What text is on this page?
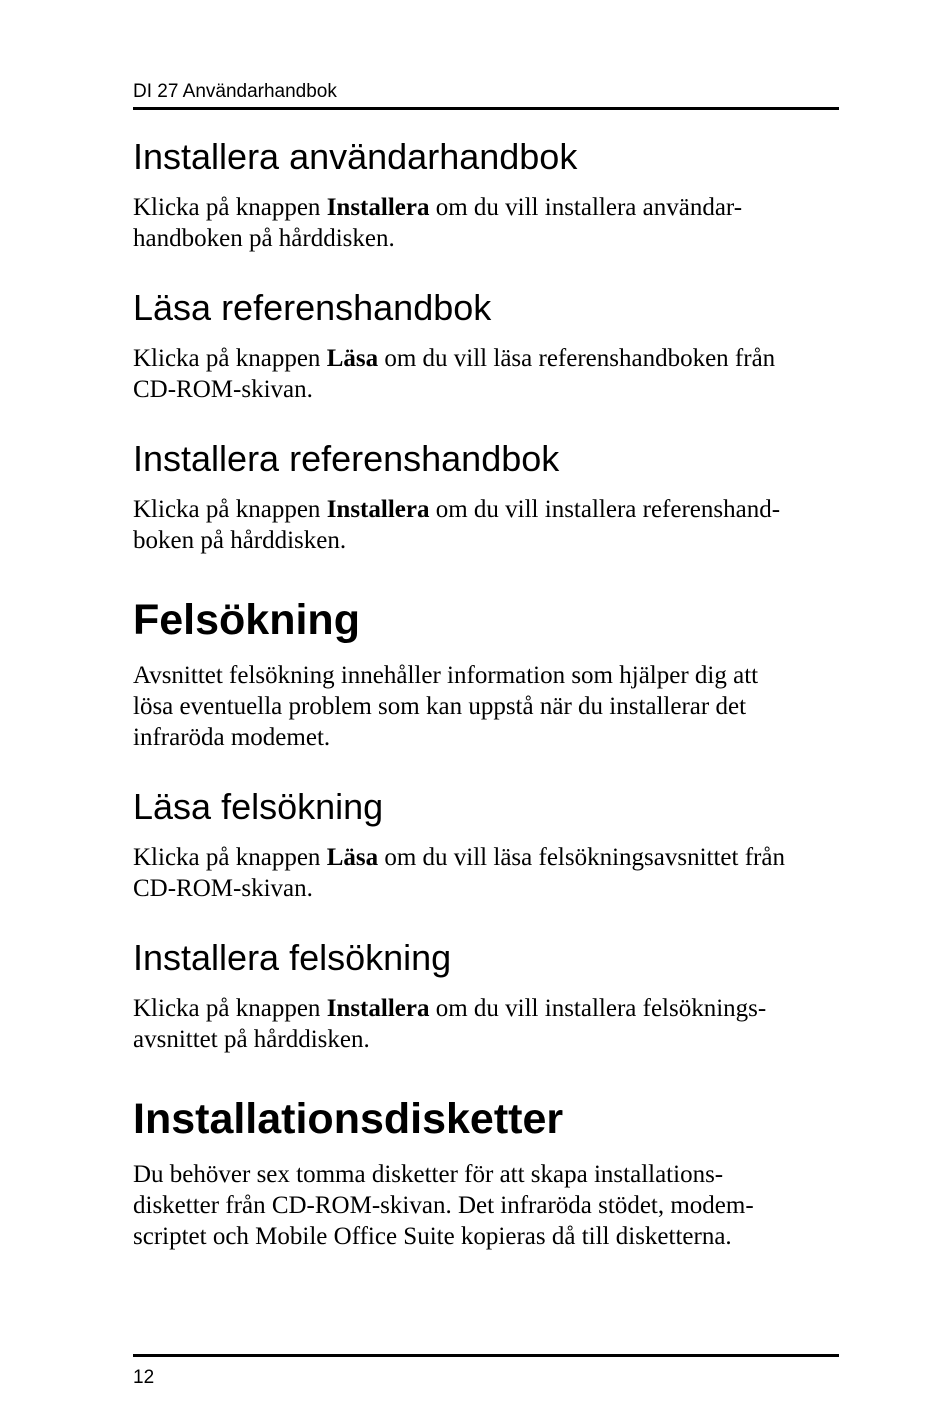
DI 27 Användarhandbok
Installera användarhandbok

Klicka på knappen Installera om du vill installera användar-
handboken på hårddisken.

Läsa referenshandbok

Klicka på knappen Läsa om du vill läsa referenshandboken från
CD-ROM-skivan.

Installera referenshandbok

Klicka på knappen Installera om du vill installera referenshand-
boken på hårddisken.

Felsökning

Avsnittet felsökning innehåller information som hjälper dig att
lösa eventuella problem som kan uppstå när du installerar det
infraröda modemet.

Läsa felsökning

Klicka på knappen Läsa om du vill läsa felsökningsavsnittet från
CD-ROM-skivan.

Installera felsökning

Klicka på knappen Installera om du vill installera felsöknings-
avsnittet på hårddisken.

Installationsdisketter

Du behöver sex tomma disketter för att skapa installations-
disketter från CD-ROM-skivan. Det infraröda stödet, modem-
scriptet och Mobile Office Suite kopieras då till disketterna.

12
